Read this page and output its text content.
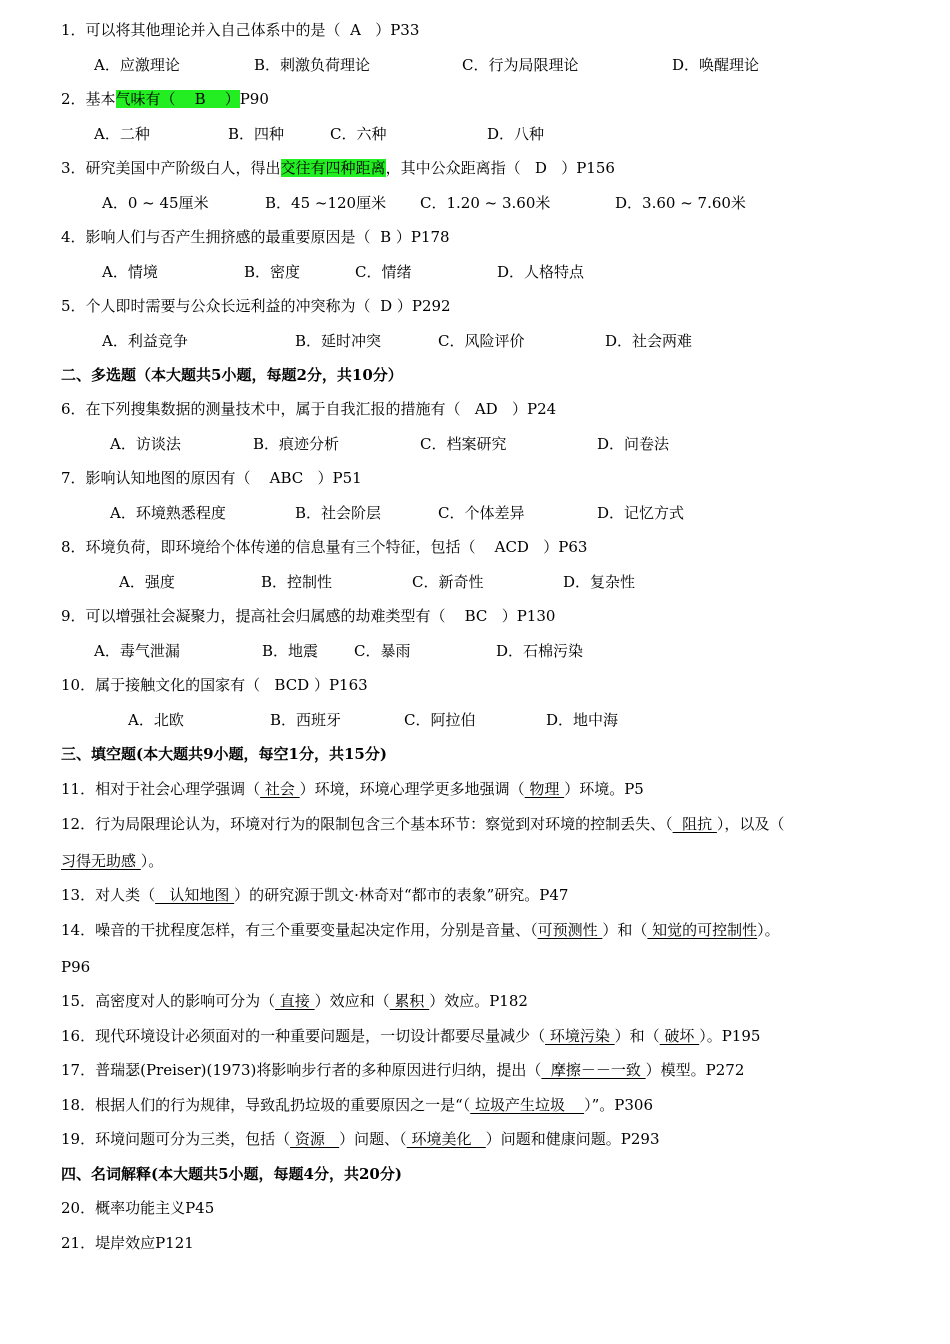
1．可以将其他理论并入自己体系中的是（  A   ）P33
A．应激理论	B．刺激负荷理论	C．行为局限理论	D．唤醒理论
2．基本气味有（    B    ）P90
A．二种	B．四种	C．六种	D．八种
3．研究美国中产阶级白人，得出交往有四种距离，其中公众距离指（   D   ）P156
A．0 ~ 45厘米	B．45 ~120厘米 C．1.20 ~ 3.60米	D．3.60 ~ 7.60米
4．影响人们与否产生拥挤感的最重要原因是（  B ）P178
A．情境	B．密度	C．情绪	D．人格特点
5．个人即时需要与公众长远利益的冲突称为（  D ）P292
A．利益竞争	B．延时冲突	C．风险评价	D．社会两难
二、多选题（本大题共5小题，每题2分，共10分）
6．在下列搜集数据的测量技术中，属于自我汇报的措施有（   AD   ）P24
A．访谈法	B．痕迹分析	C．档案研究	D．问卷法
7．影响认知地图的原因有（    ABC   ）P51
A．环境熟悉程度	B．社会阶层	C．个体差异	D．记忆方式
8．环境负荷，即环境给个体传递的信息量有三个特征，包括（    ACD   ）P63
A．强度	B．控制性	C．新奇性	D．复杂性
9．可以增强社会凝聚力，提高社会归属感的劫难类型有（    BC   ）P130
A．毒气泄漏	B．地震 C．暴雨	D．石棉污染
10．属于接触文化的国家有（   BCD ）P163
A．北欧	B．西班牙	C．阿拉伯	D．地中海
三、填空题(本大题共9小题，每空1分，共15分)
11．相对于社会心理学强调（ 社会 ）环境，环境心理学更多地强调（ 物理 ）环境。P5
12．行为局限理论认为，环境对行为的限制包含三个基本环节：察觉到对环境的控制丢失、（  阻抗 ），以及（
习得无助感 ）。
13．对人类（   认知地图 ）的研究源于凯文·林奇对“都市的表象”研究。P47
14．噪音的干扰程度怎样，有三个重要变量起决定作用，分别是音量、（可预测性 ）和（ 知觉的可控制性）。
P96
15．高密度对人的影响可分为（ 直接 ）效应和（ 累积 ）效应。P182
16．现代环境设计必须面对的一种重要问题是，一切设计都要尽量减少（ 环境污染 ）和（ 破坏 ）。P195
17．普瑞瑟(Preiser)(1973)将影响步行者的多种原因进行归纳，提出（  摩擦－－一致 ）模型。P272
18．根据人们的行为规律，导致乱扔垃圾的重要原因之一是“（ 垃圾产生垃圾    ）”。P306
19．环境问题可分为三类，包括（ 资源   ）问题、（ 环境美化   ）问题和健康问题。P293
四、名词解释(本大题共5小题，每题4分，共20分)
20．概率功能主义P45
21．堤岸效应P121
